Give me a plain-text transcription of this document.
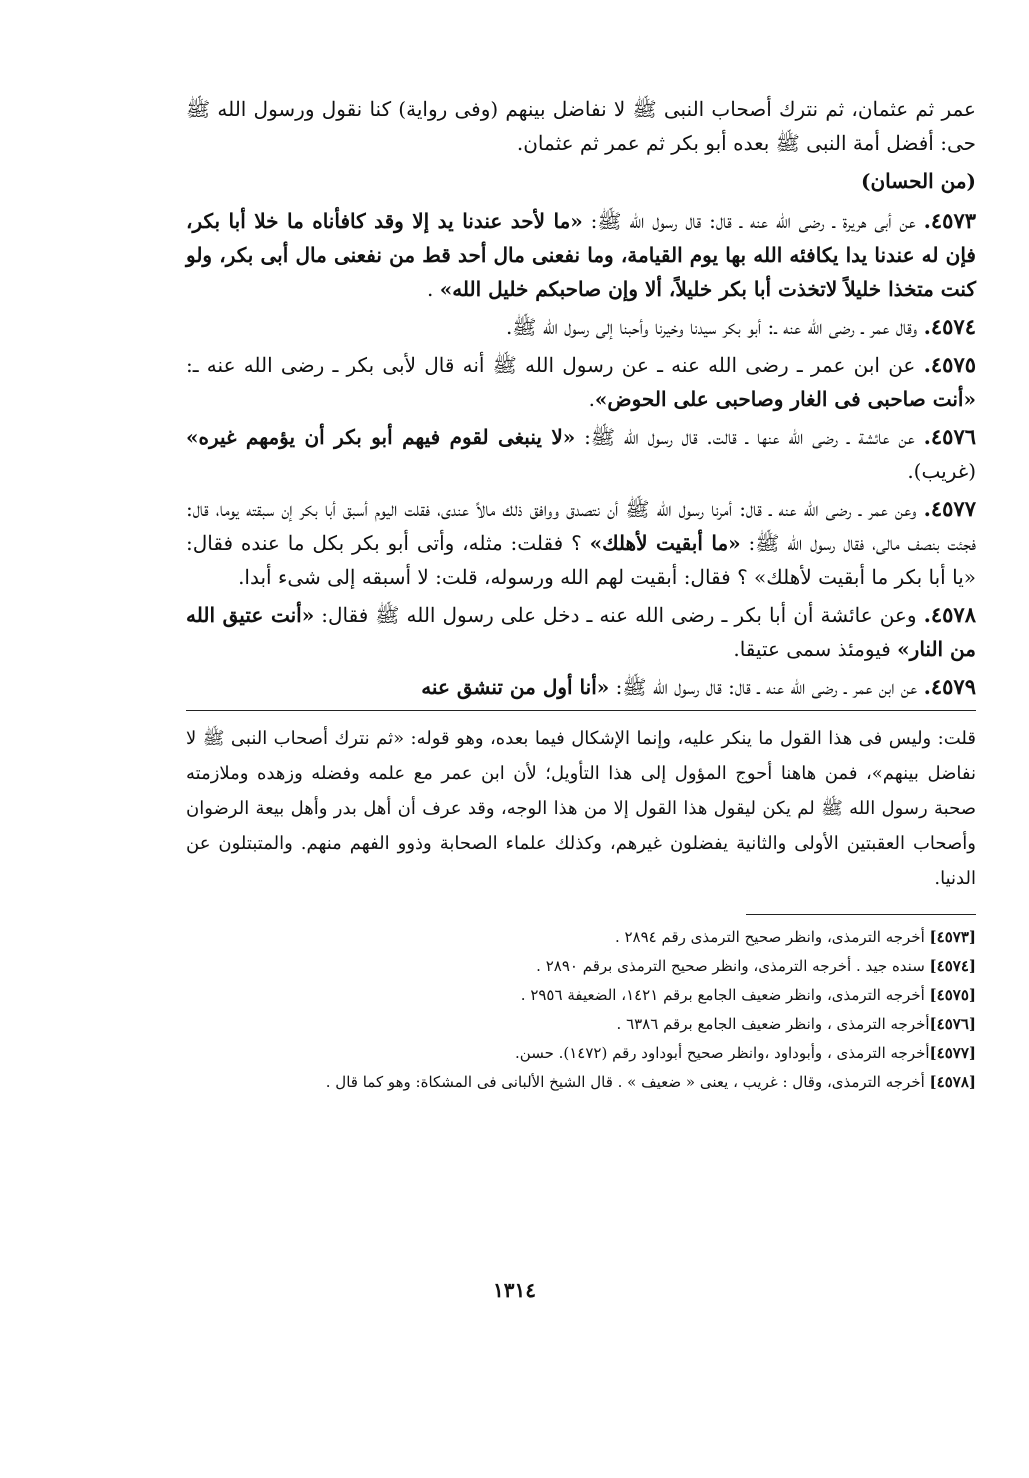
عمر ثم عثمان، ثم نترك أصحاب النبى ﷺ لا نفاضل بينهم (وفى رواية) كنا نقول ورسول الله ﷺ حى: أفضل أمة النبى ﷺ بعده أبو بكر ثم عمر ثم عثمان.

(من الحسان)

٤٥٧٣. عن أبى هريرة ـ رضى الله عنه ـ قال: قال رسول الله ﷺ: «ما لأحد عندنا يد إلا وقد كافأناه ما خلا أبا بكر، فإن له عندنا يدا يكافئه الله بها يوم القيامة، وما نفعنى مال أحد قط من نفعنى مال أبى بكر، ولو كنت متخذا خليلاً لاتخذت أبا بكر خليلاً، ألا وإن صاحبكم خليل الله» .

٤٥٧٤. وقال عمر ـ رضى الله عنه ـ: أبو بكر سيدنا وخيرنا وأحبنا إلى رسول الله ﷺ.

٤٥٧٥. عن ابن عمر ـ رضى الله عنه ـ عن رسول الله ﷺ أنه قال لأبى بكر ـ رضى الله عنه ـ: «أنت صاحبى فى الغار وصاحبى على الحوض».

٤٥٧٦. عن عائشة ـ رضى الله عنها ـ قالت. قال رسول الله ﷺ: «لا ينبغى لقوم فيهم أبو بكر أن يؤمهم غيره» (غريب).

٤٥٧٧. وعن عمر ـ رضى الله عنه ـ قال: أمرنا رسول الله ﷺ أن نتصدق ووافق ذلك مالاً عندى، فقلت اليوم أسبق أبا بكر إن سبقته يوما، قال: فجئت بنصف مالى، فقال رسول الله ﷺ: «ما أبقيت لأهلك» ؟ فقلت: مثله، وأتى أبو بكر بكل ما عنده فقال: «يا أبا بكر ما أبقيت لأهلك» ؟ فقال: أبقيت لهم الله ورسوله، قلت: لا أسبقه إلى شىء أبدا.

٤٥٧٨. وعن عائشة أن أبا بكر ـ رضى الله عنه ـ دخل على رسول الله ﷺ فقال: «أنت عتيق الله من النار» فيومئذ سمى عتيقا.

٤٥٧٩. عن ابن عمر ـ رضى الله عنه ـ قال: قال رسول الله ﷺ: «أنا أول من تنشق عنه

قلت: وليس فى هذا القول ما ينكر عليه، وإنما الإشكال فيما بعده، وهو قوله: «ثم نترك أصحاب النبى ﷺ لا نفاضل بينهم»، فمن هاهنا أحوج المؤول إلى هذا التأويل؛ لأن ابن عمر مع علمه وفضله وزهده وملازمته صحبة رسول الله ﷺ لم يكن ليقول هذا القول إلا من هذا الوجه، وقد عرف أن أهل بدر وأهل بيعة الرضوان وأصحاب العقبتين الأولى والثانية يفضلون غيرهم، وكذلك علماء الصحابة وذوو الفهم منهم. والمتبتلون عن الدنيا.

[٤٥٧٣] أخرجه الترمذى، وانظر صحيح الترمذى رقم ٢٨٩٤ .
[٤٥٧٤] سنده جيد . أخرجه الترمذى، وانظر صحيح الترمذى برقم ٢٨٩٠ .
[٤٥٧٥] أخرجه الترمذى، وانظر ضعيف الجامع برقم ١٤٢١، الضعيفة ٢٩٥٦ .
[٤٥٧٦]أخرجه الترمذى ، وانظر ضعيف الجامع برقم ٦٣٨٦ .
[٤٥٧٧]أخرجه الترمذى ، وأبوداود ،وانظر صحيح أبوداود رقم (١٤٧٢). حسن.
[٤٥٧٨] أخرجه الترمذى، وقال : غريب ، يعنى « ضعيف » . قال الشيخ الألبانى فى المشكاة: وهو كما قال .
١٣١٤
